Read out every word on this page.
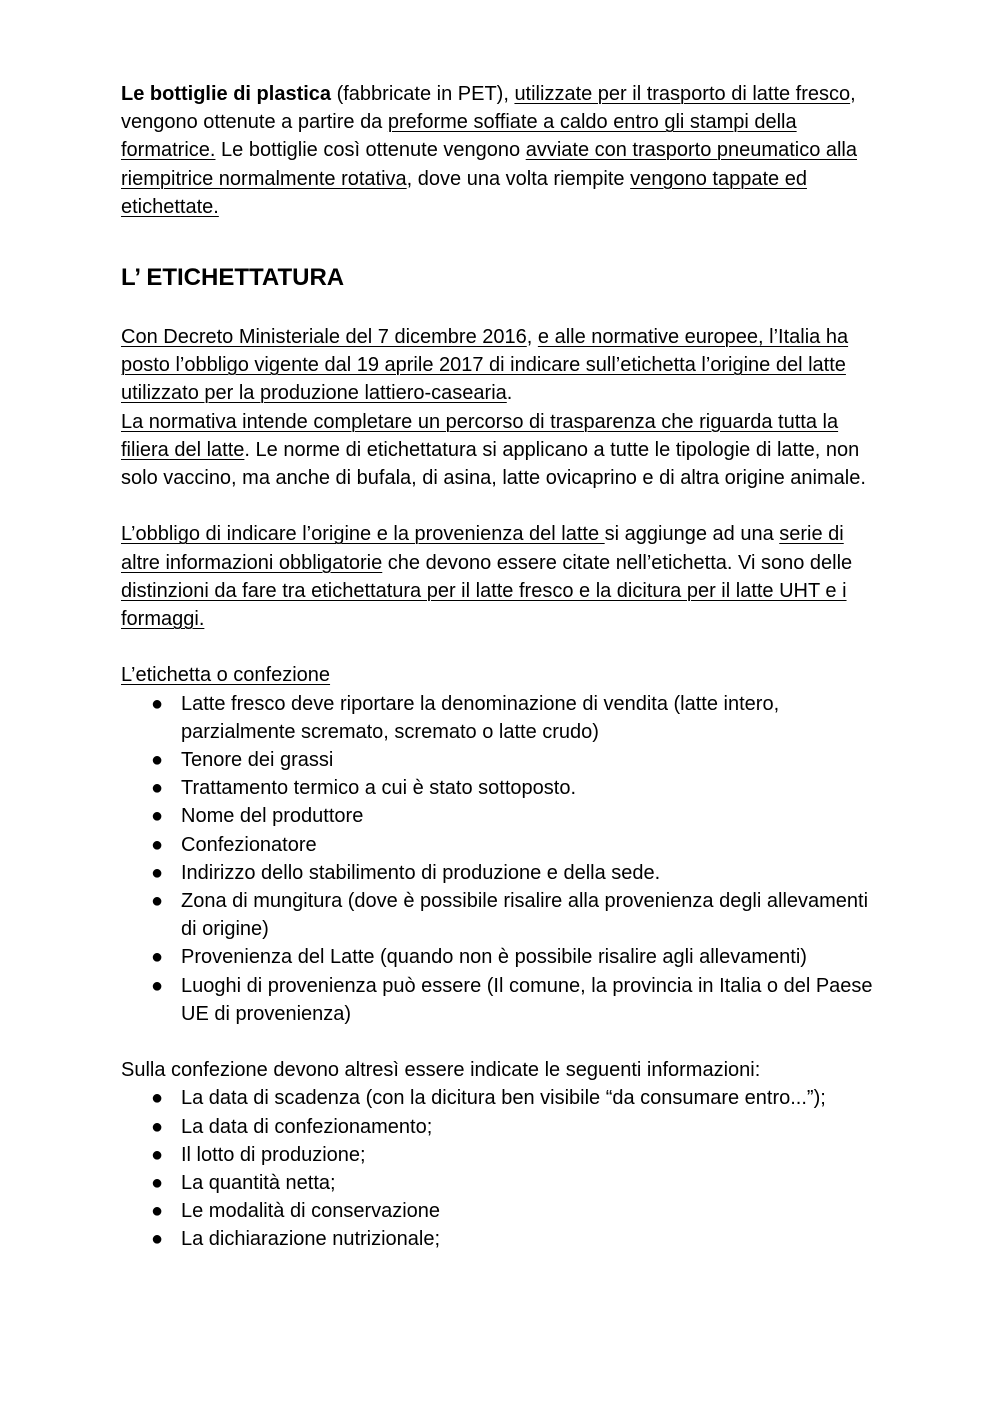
Le bottiglie di plastica (fabbricate in PET), utilizzate per il trasporto di latte fresco, vengono ottenute a partire da preforme soffiate a caldo entro gli stampi della formatrice. Le bottiglie così ottenute vengono avviate con trasporto pneumatico alla riempitrice normalmente rotativa, dove una volta riempite vengono tappate ed etichettate.

L’ ETICHETTATURA

Con Decreto Ministeriale del 7 dicembre 2016, e alle normative europee, l’Italia ha posto l’obbligo vigente dal 19 aprile 2017 di indicare sull’etichetta l’origine del latte utilizzato per la produzione lattiero-casearia.

La normativa intende completare un percorso di trasparenza che riguarda tutta la filiera del latte. Le norme di etichettatura si applicano a tutte le tipologie di latte, non solo vaccino, ma anche di bufala, di asina, latte ovicaprino e di altra origine animale.

L’obbligo di indicare l’origine e la provenienza del latte si aggiunge ad una serie di altre informazioni obbligatorie che devono essere citate nell’etichetta. Vi sono delle distinzioni da fare tra etichettatura per il latte fresco e la dicitura per il latte UHT e i formaggi.

L’etichetta o confezione

● Latte fresco deve riportare la denominazione di vendita (latte intero, parzialmente scremato, scremato o latte crudo)
● Tenore dei grassi
● Trattamento termico a cui è stato sottoposto.
● Nome del produttore
● Confezionatore
● Indirizzo dello stabilimento di produzione e della sede.
● Zona di mungitura (dove è possibile risalire alla provenienza degli allevamenti di origine)
● Provenienza del Latte (quando non è possibile risalire agli allevamenti)
● Luoghi di provenienza può essere (Il comune, la provincia in Italia o del Paese UE di provenienza)

Sulla confezione devono altresì essere indicate le seguenti informazioni:

● La data di scadenza (con la dicitura ben visibile “da consumare entro...”);
● La data di confezionamento;
● Il lotto di produzione;
● La quantità netta;
● Le modalità di conservazione
● La dichiarazione nutrizionale;
